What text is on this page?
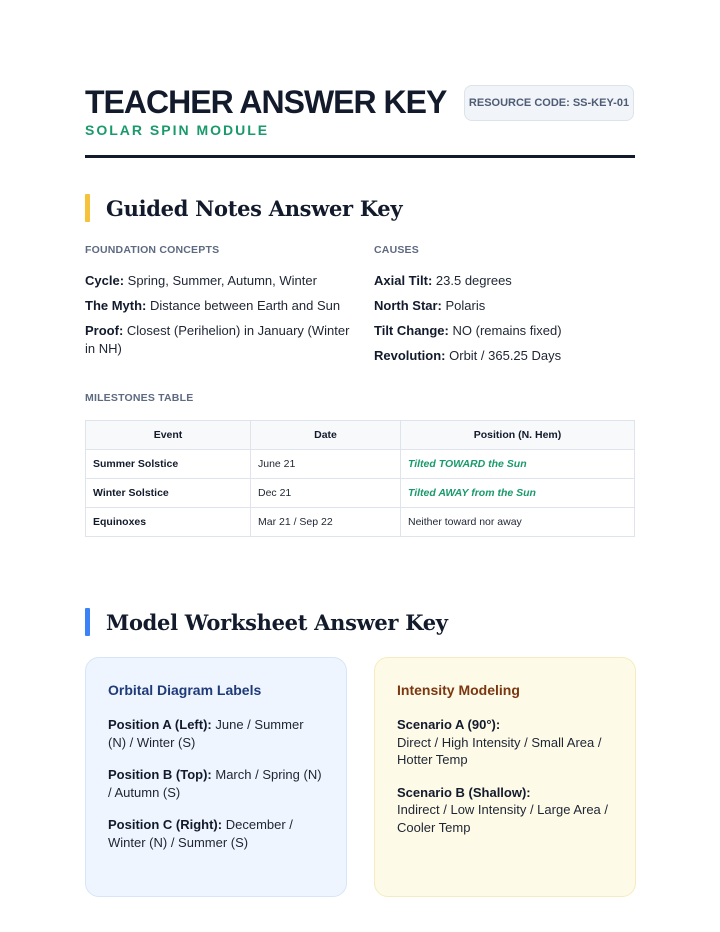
TEACHER ANSWER KEY
SOLAR SPIN MODULE
RESOURCE CODE: SS-KEY-01
Guided Notes Answer Key
FOUNDATION CONCEPTS	CAUSES
Cycle: Spring, Summer, Autumn, Winter
The Myth: Distance between Earth and Sun
Proof: Closest (Perihelion) in January (Winter in NH)
Axial Tilt: 23.5 degrees
North Star: Polaris
Tilt Change: NO (remains fixed)
Revolution: Orbit / 365.25 Days
MILESTONES TABLE
Event	Date	Position (N. Hem)
Summer Solstice	June 21	Tilted TOWARD the Sun
Winter Solstice	Dec 21	Tilted AWAY from the Sun
Equinoxes	Mar 21 / Sep 22	Neither toward nor away
Model Worksheet Answer Key
Orbital Diagram Labels
Position A (Left): June / Summer (N) / Winter (S)
Position B (Top): March / Spring (N) / Autumn (S)
Position C (Right): December / Winter (N) / Summer (S)
Intensity Modeling
Scenario A (90°):
Direct / High Intensity / Small Area / Hotter Temp
Scenario B (Shallow):
Indirect / Low Intensity / Large Area / Cooler Temp
